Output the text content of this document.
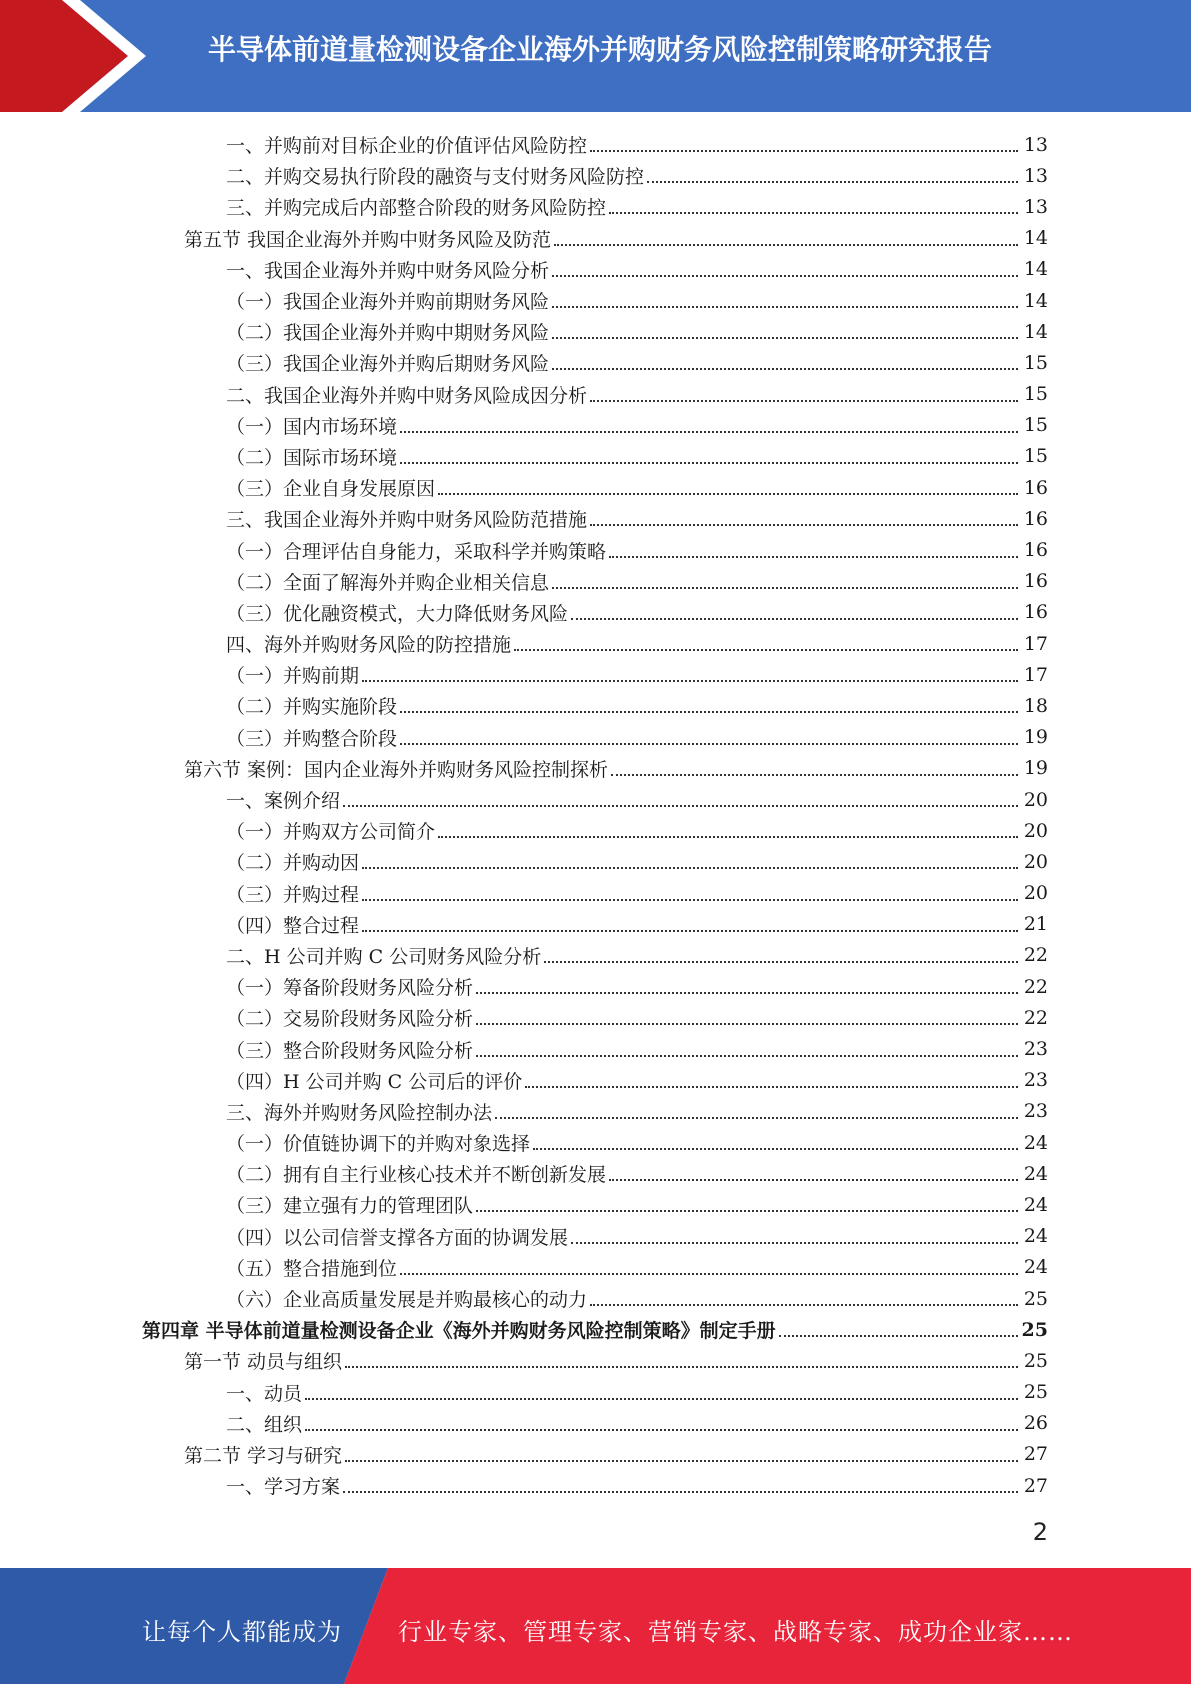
半导体前道量检测设备企业海外并购财务风险控制策略研究报告
一、并购前对目标企业的价值评估风险防控	13
二、并购交易执行阶段的融资与支付财务风险防控	13
三、并购完成后内部整合阶段的财务风险防控	13
第五节 我国企业海外并购中财务风险及防范	14
一、我国企业海外并购中财务风险分析	14
（一）我国企业海外并购前期财务风险	14
（二）我国企业海外并购中期财务风险	14
（三）我国企业海外并购后期财务风险	15
二、我国企业海外并购中财务风险成因分析	15
（一）国内市场环境	15
（二）国际市场环境	15
（三）企业自身发展原因	16
三、我国企业海外并购中财务风险防范措施	16
（一）合理评估自身能力，采取科学并购策略	16
（二）全面了解海外并购企业相关信息	16
（三）优化融资模式，大力降低财务风险	16
四、海外并购财务风险的防控措施	17
（一）并购前期	17
（二）并购实施阶段	18
（三）并购整合阶段	19
第六节 案例：国内企业海外并购财务风险控制探析	19
一、案例介绍	20
（一）并购双方公司简介	20
（二）并购动因	20
（三）并购过程	20
（四）整合过程	21
二、H 公司并购 C 公司财务风险分析	22
（一）筹备阶段财务风险分析	22
（二）交易阶段财务风险分析	22
（三）整合阶段财务风险分析	23
（四）H 公司并购 C 公司后的评价	23
三、海外并购财务风险控制办法	23
（一）价值链协调下的并购对象选择	24
（二）拥有自主行业核心技术并不断创新发展	24
（三）建立强有力的管理团队	24
（四）以公司信誉支撑各方面的协调发展	24
（五）整合措施到位	24
（六）企业高质量发展是并购最核心的动力	25
第四章 半导体前道量检测设备企业《海外并购财务风险控制策略》制定手册	25
第一节 动员与组织	25
一、动员	25
二、组织	26
第二节 学习与研究	27
一、学习方案	27
2
让每个人都能成为 行业专家、管理专家、营销专家、战略专家、成功企业家……
